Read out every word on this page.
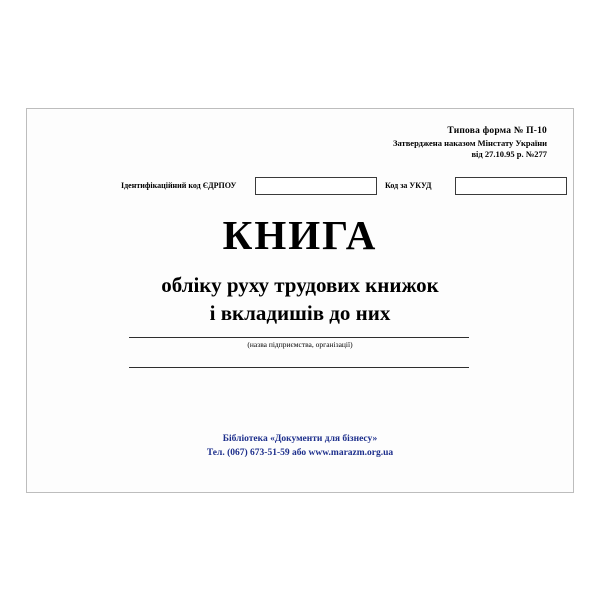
Типова форма № П-10
Затверджена наказом Мінстату України
від 27.10.95 р. №277
Ідентифікаційний код ЄДРПОУ	Код за УКУД
КНИГА
обліку руху трудових книжок
і вкладишів до них
(назва підприємства, організації)
Бібліотека «Документи для бізнесу»
Тел. (067) 673-51-59 або www.marazm.org.ua
